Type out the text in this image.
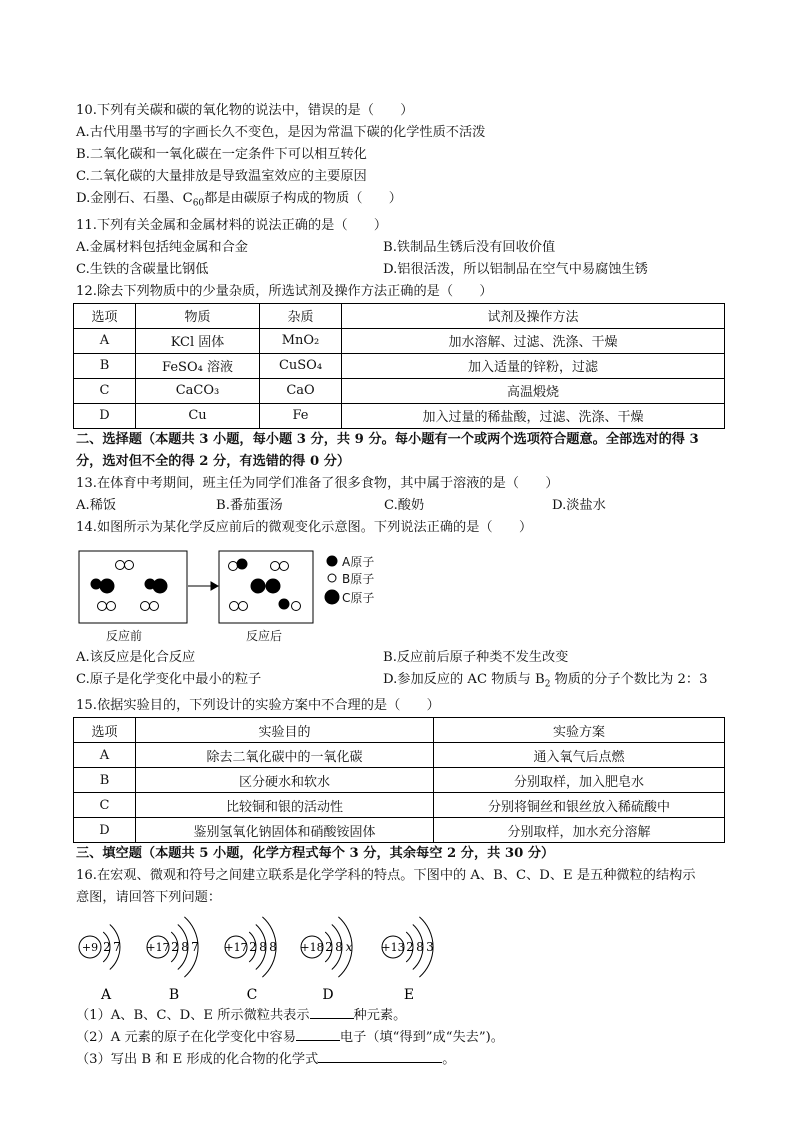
10.下列有关碳和碳的氧化物的说法中，错误的是（　　）
A.古代用墨书写的字画长久不变色，是因为常温下碳的化学性质不活泼
B.二氧化碳和一氧化碳在一定条件下可以相互转化
C.二氧化碳的大量排放是导致温室效应的主要原因
D.金刚石、石墨、$C_{60}$都是由碳原子构成的物质（　　）
11.下列有关金属和金属材料的说法正确的是（　　）
A.金属材料包括纯金属和合金	B.铁制品生锈后没有回收价值
C.生铁的含碳量比钢低	D.铝很活泼，所以铝制品在空气中易腐蚀生锈
12.除去下列物质中的少量杂质，所选试剂及操作方法正确的是（　　）
选项	物质	杂质	试剂及操作方法
A	KCl 固体	MnO₂	加水溶解、过滤、洗涤、干燥
B	FeSO₄ 溶液	CuSO₄	加入适量的锌粉，过滤
C	CaCO₃	CaO	高温煅烧
D	Cu	Fe	加入过量的稀盐酸，过滤、洗涤、干燥
二、选择题（本题共 3 小题，每小题 3 分，共 9 分。每小题有一个或两个选项符合题意。全部选对的得 3
分，选对但不全的得 2 分，有选错的得 0 分）
13.在体育中考期间，班主任为同学们准备了很多食物，其中属于溶液的是（　　）
A.稀饭	B.番茄蛋汤	C.酸奶	D.淡盐水
14.如图所示为某化学反应前后的微观变化示意图。下列说法正确的是（　　）
A原子
B原子
C原子
反应前	反应后
A.该反应是化合反应	B.反应前后原子种类不发生改变
C.原子是化学变化中最小的粒子	D.参加反应的 AC 物质与 $B_2$ 物质的分子个数比为 2：3
15.依据实验目的，下列设计的实验方案中不合理的是（　　）
选项	实验目的	实验方案
A	除去二氧化碳中的一氧化碳	通入氧气后点燃
B	区分硬水和软水	分别取样，加入肥皂水
C	比较铜和银的活动性	分别将铜丝和银丝放入稀硫酸中
D	鉴别氢氧化钠固体和硝酸铵固体	分别取样，加水充分溶解
三、填空题（本题共 5 小题，化学方程式每个 3 分，其余每空 2 分，共 30 分）
16.在宏观、微观和符号之间建立联系是化学学科的特点。下图中的 A、B、C、D、E 是五种微粒的结构示
意图，请回答下列问题：
+9 2 7
A
+17 2 8 7
B
+17 2 8 8
C
+18 2 8 x
D
+13 2 8 3
E
（1）A、B、C、D、E 所示微粒共表示	种元素。
（2）A 元素的原子在化学变化中容易	电子（填“得到”成“失去”)。
（3）写出 B 和 E 形成的化合物的化学式	。
